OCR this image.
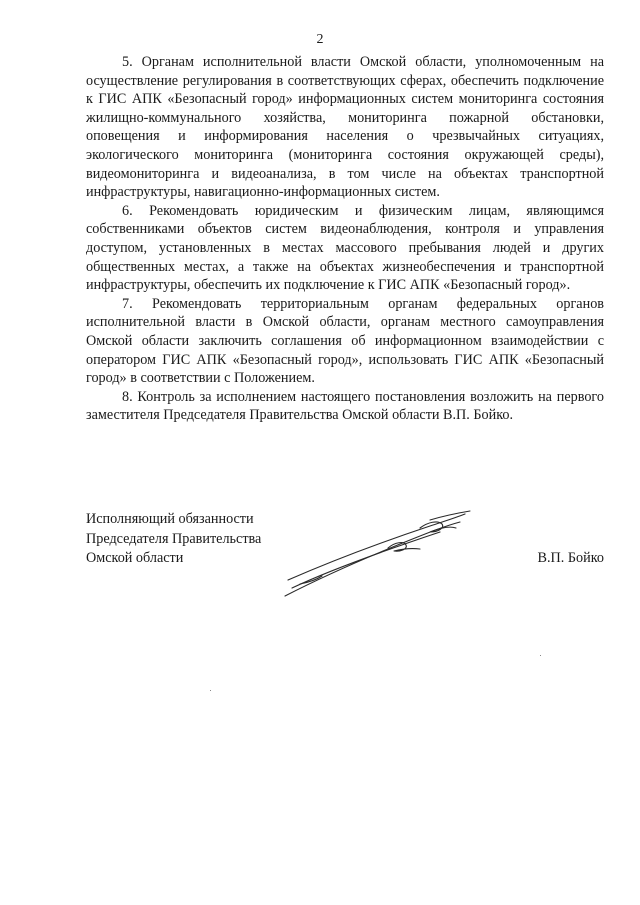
2

5. Органам исполнительной власти Омской области, уполномоченным на осуществление регулирования в соответствующих сферах, обеспечить подключение к ГИС АПК «Безопасный город» информационных систем мониторинга состояния жилищно-коммунального хозяйства, мониторинга пожарной обстановки, оповещения и информирования населения о чрезвычайных ситуациях, экологического мониторинга (мониторинга состояния окружающей среды), видеомониторинга и видеоанализа, в том числе на объектах транспортной инфраструктуры, навигационно-информационных систем.

6. Рекомендовать юридическим и физическим лицам, являющимся собственниками объектов систем видеонаблюдения, контроля и управления доступом, установленных в местах массового пребывания людей и других общественных местах, а также на объектах жизнеобеспечения и транспортной инфраструктуры, обеспечить их подключение к ГИС АПК «Безопасный город».

7. Рекомендовать территориальным органам федеральных органов исполнительной власти в Омской области, органам местного самоуправления Омской области заключить соглашения об информационном взаимодействии с оператором ГИС АПК «Безопасный город», использовать ГИС АПК «Безопасный город» в соответствии с Положением.

8. Контроль за исполнением настоящего постановления возложить на первого заместителя Председателя Правительства Омской области В.П. Бойко.

Исполняющий обязанности
Председателя Правительства
Омской области	В.П. Бойко
